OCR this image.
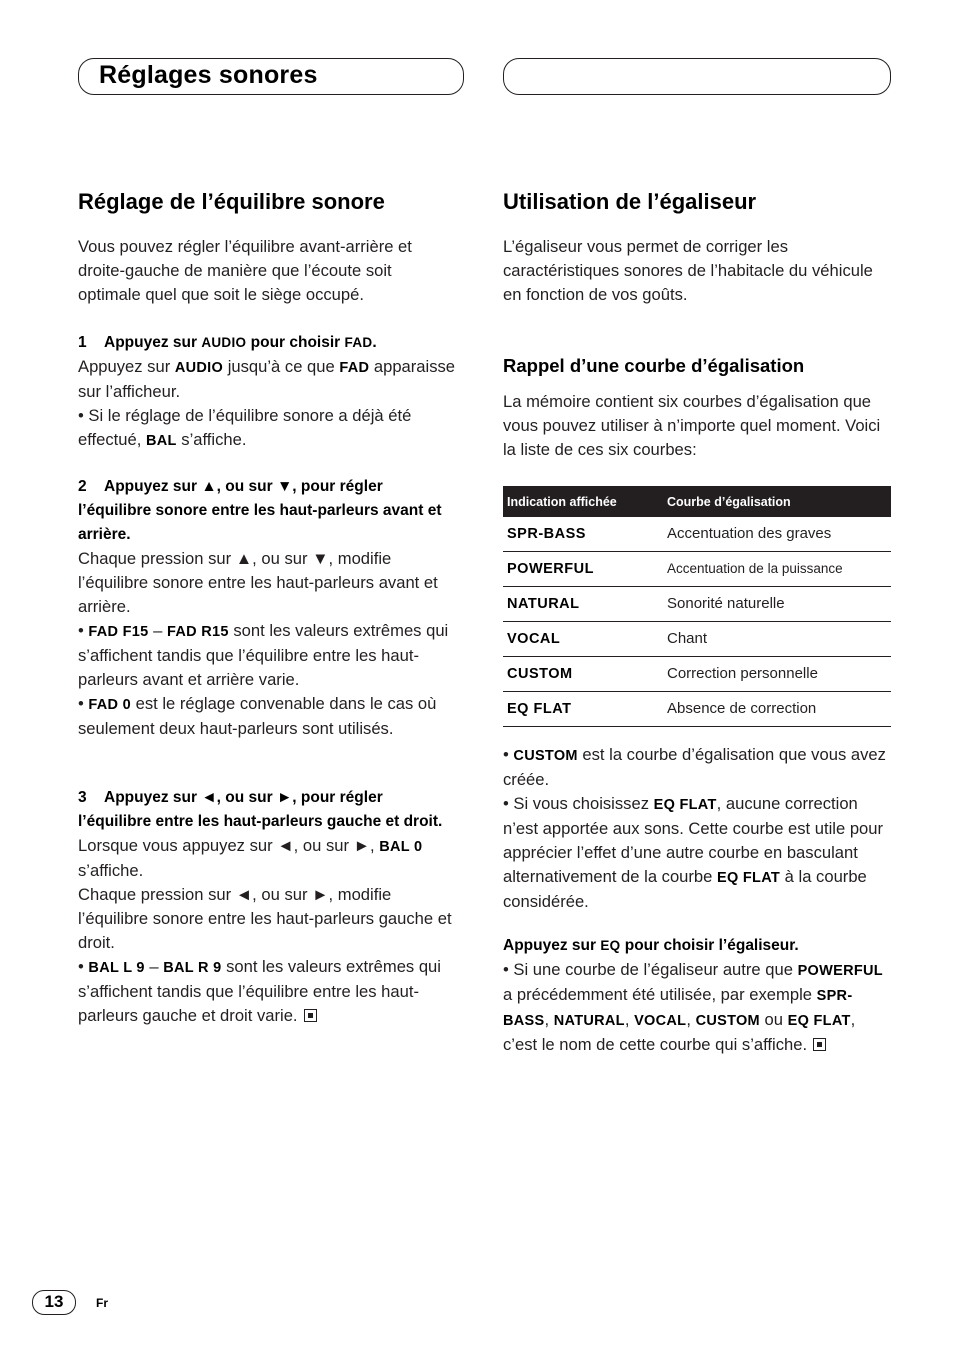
Réglages sonores
Réglage de l’équilibre sonore

Vous pouvez régler l’équilibre avant-arrière et droite-gauche de manière que l’écoute soit optimale quel que soit le siège occupé.

1 Appuyez sur AUDIO pour choisir FAD.

Appuyez sur AUDIO jusqu’à ce que FAD apparaisse sur l’afficheur.

• Si le réglage de l’équilibre sonore a déjà été effectué, BAL s’affiche.

2 Appuyez sur ▲, ou sur ▼, pour régler l’équilibre sonore entre les haut-parleurs avant et arrière.

Chaque pression sur ▲, ou sur ▼, modifie l’équilibre sonore entre les haut-parleurs avant et arrière.

• FAD F15 – FAD R15 sont les valeurs extrêmes qui s’affichent tandis que l’équilibre entre les haut-parleurs avant et arrière varie.

• FAD 0 est le réglage convenable dans le cas où seulement deux haut-parleurs sont utilisés.

3 Appuyez sur ◄, ou sur ►, pour régler l’équilibre entre les haut-parleurs gauche et droit.

Lorsque vous appuyez sur ◄, ou sur ►, BAL 0 s’affiche.

Chaque pression sur ◄, ou sur ►, modifie l’équilibre sonore entre les haut-parleurs gauche et droit.

• BAL L 9 – BAL R 9 sont les valeurs extrêmes qui s’affichent tandis que l’équilibre entre les haut-parleurs gauche et droit varie.

Utilisation de l’égaliseur

L’égaliseur vous permet de corriger les caractéristiques sonores de l’habitacle du véhicule en fonction de vos goûts.

Rappel d’une courbe d’égalisation

La mémoire contient six courbes d’égalisation que vous pouvez utiliser à n’importe quel moment. Voici la liste de ces six courbes:

Indication affichée	Courbe d’égalisation
SPR-BASS	Accentuation des graves
POWERFUL	Accentuation de la puissance
NATURAL	Sonorité naturelle
VOCAL	Chant
CUSTOM	Correction personnelle
EQ FLAT	Absence de correction

• CUSTOM est la courbe d’égalisation que vous avez créée.

• Si vous choisissez EQ FLAT, aucune correction n’est apportée aux sons. Cette courbe est utile pour apprécier l’effet d’une autre courbe en basculant alternativement de la courbe EQ FLAT à la courbe considérée.

Appuyez sur EQ pour choisir l’égaliseur.

• Si une courbe de l’égaliseur autre que POWERFUL a précédemment été utilisée, par exemple SPR-BASS, NATURAL, VOCAL, CUSTOM ou EQ FLAT, c’est le nom de cette courbe qui s’affiche.

13	Fr
